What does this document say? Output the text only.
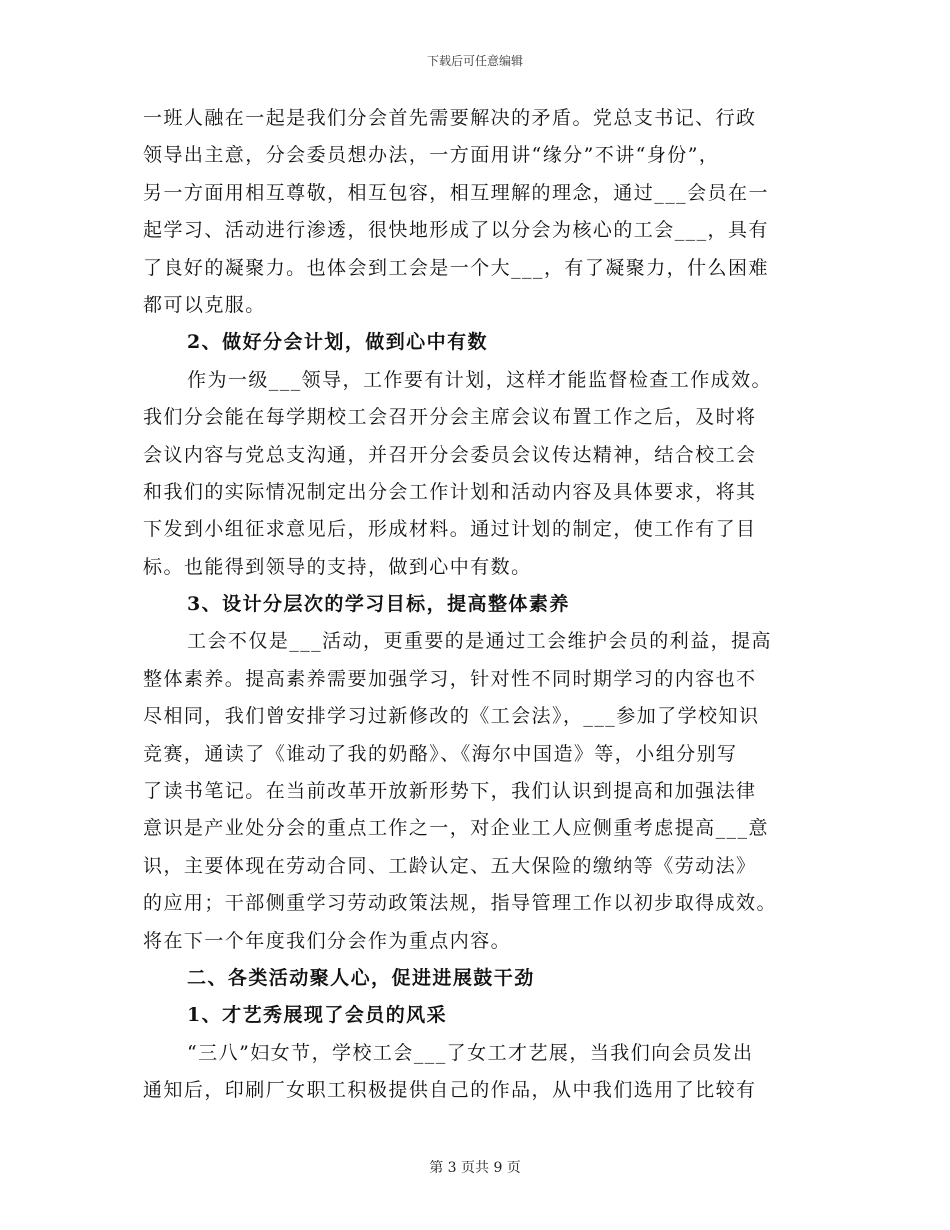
下载后可任意编辑
一班人融在一起是我们分会首先需要解决的矛盾。党总支书记、行政
领导出主意，分会委员想办法，一方面用讲“缘分”不讲“身份”，
另一方面用相互尊敬，相互包容，相互理解的理念，通过___会员在一
起学习、活动进行渗透，很快地形成了以分会为核心的工会___，具有
了良好的凝聚力。也体会到工会是一个大___，有了凝聚力，什么困难
都可以克服。
2、做好分会计划，做到心中有数
作为一级___领导，工作要有计划，这样才能监督检查工作成效。
我们分会能在每学期校工会召开分会主席会议布置工作之后，及时将
会议内容与党总支沟通，并召开分会委员会议传达精神，结合校工会
和我们的实际情况制定出分会工作计划和活动内容及具体要求，将其
下发到小组征求意见后，形成材料。通过计划的制定，使工作有了目
标。也能得到领导的支持，做到心中有数。
3、设计分层次的学习目标，提高整体素养
工会不仅是___活动，更重要的是通过工会维护会员的利益，提高
整体素养。提高素养需要加强学习，针对性不同时期学习的内容也不
尽相同，我们曾安排学习过新修改的《工会法》，___参加了学校知识
竞赛，通读了《谁动了我的奶酪》、《海尔中国造》等，小组分别写
了读书笔记。在当前改革开放新形势下，我们认识到提高和加强法律
意识是产业处分会的重点工作之一，对企业工人应侧重考虑提高___意
识，主要体现在劳动合同、工龄认定、五大保险的缴纳等《劳动法》
的应用；干部侧重学习劳动政策法规，指导管理工作以初步取得成效。
将在下一个年度我们分会作为重点内容。
二、各类活动聚人心，促进进展鼓干劲
1、才艺秀展现了会员的风采
“三八”妇女节，学校工会___了女工才艺展，当我们向会员发出
通知后，印刷厂女职工积极提供自己的作品，从中我们选用了比较有
第 3 页共 9 页
